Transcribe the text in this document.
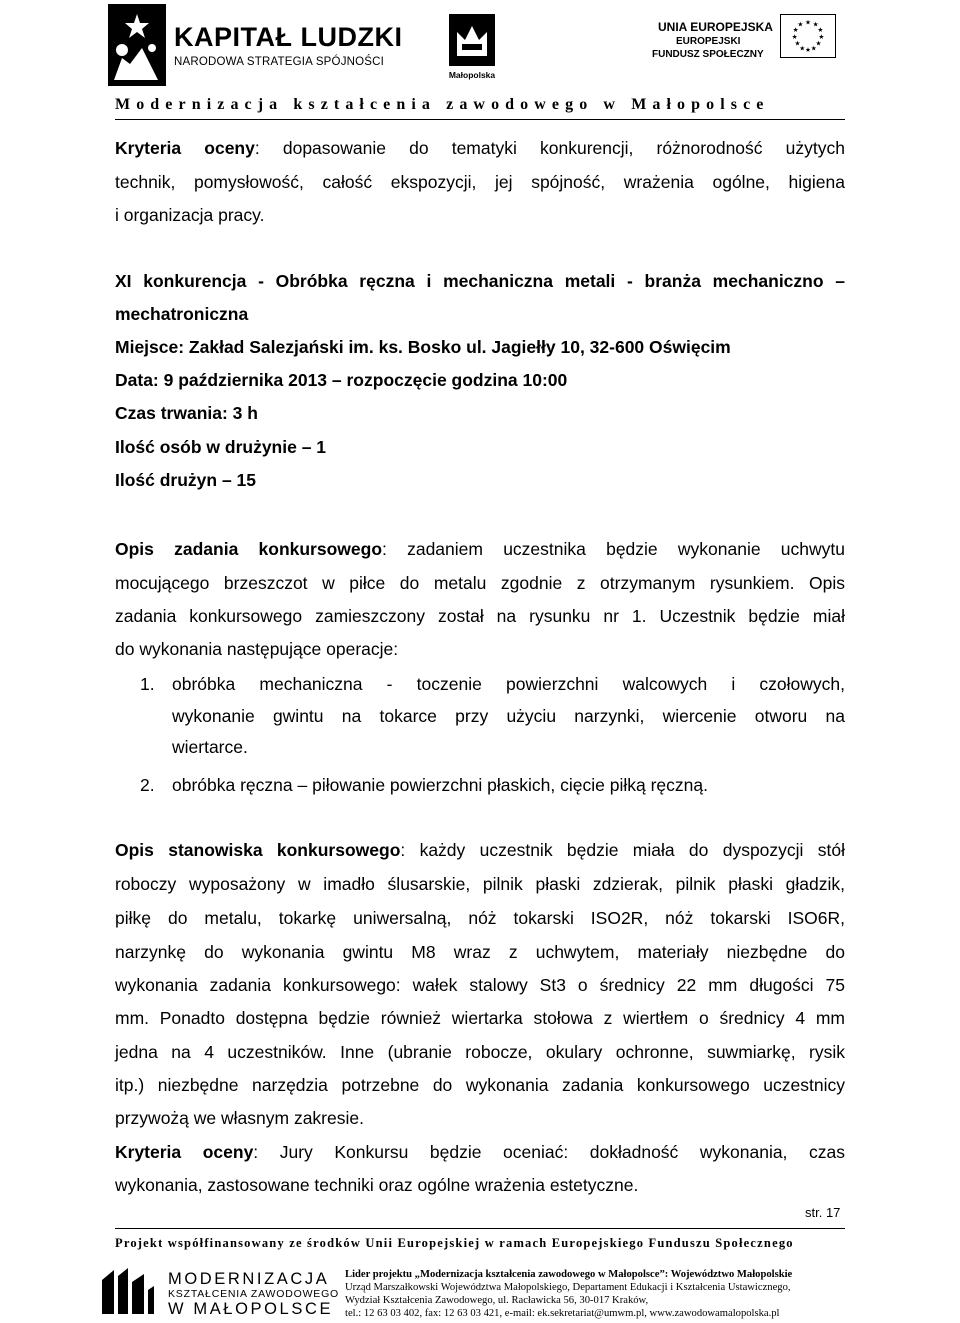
KAPITAŁ LUDZKI
NARODOWA STRATEGIA SPÓJNOŚCI
Małopolska
UNIA EUROPEJSKA
EUROPEJSKI
FUNDUSZ SPOŁECZNY
★ ★
★
★
★
★
★
★
★
★
★
★
Modernizacja kształcenia zawodowego w Małopolsce
Kryteria oceny: dopasowanie do tematyki konkurencji, różnorodność użytych
technik, pomysłowość, całość ekspozycji, jej spójność, wrażenia ogólne, higiena
i organizacja pracy.
XI konkurencja - Obróbka ręczna i mechaniczna metali - branża mechaniczno –
mechatroniczna
Miejsce: Zakład Salezjański im. ks. Bosko ul. Jagiełły 10, 32-600 Oświęcim
Data: 9 października 2013 – rozpoczęcie godzina 10:00
Czas trwania: 3 h
Ilość osób w drużynie – 1
Ilość drużyn – 15
Opis zadania konkursowego: zadaniem uczestnika będzie wykonanie uchwytu
mocującego brzeszczot w piłce do metalu zgodnie z otrzymanym rysunkiem. Opis
zadania konkursowego zamieszczony został na rysunku nr 1. Uczestnik będzie miał
do wykonania następujące operacje:
1. obróbka mechaniczna - toczenie powierzchni walcowych i czołowych,
wykonanie gwintu na tokarce przy użyciu narzynki, wiercenie otworu na
wiertarce.
2. obróbka ręczna – piłowanie powierzchni płaskich, cięcie piłką ręczną.
Opis stanowiska konkursowego: każdy uczestnik będzie miała do dyspozycji stół
roboczy wyposażony w imadło ślusarskie, pilnik płaski zdzierak, pilnik płaski gładzik,
piłkę do metalu, tokarkę uniwersalną, nóż tokarski ISO2R, nóż tokarski ISO6R,
narzynkę do wykonania gwintu M8 wraz z uchwytem, materiały niezbędne do
wykonania zadania konkursowego: wałek stalowy St3 o średnicy 22 mm długości 75
mm. Ponadto dostępna będzie również wiertarka stołowa z wiertłem o średnicy 4 mm
jedna na 4 uczestników. Inne (ubranie robocze, okulary ochronne, suwmiarkę, rysik
itp.) niezbędne narzędzia potrzebne do wykonania zadania konkursowego uczestnicy
przywożą we własnym zakresie.
Kryteria oceny: Jury Konkursu będzie oceniać: dokładność wykonania, czas
wykonania, zastosowane techniki oraz ogólne wrażenia estetyczne.
str. 17
Projekt współfinansowany ze środków Unii Europejskiej w ramach Europejskiego Funduszu Społecznego
MODERNIZACJA
KSZTAŁCENIA ZAWODOWEGO
W MAŁOPOLSCE
Lider projektu „Modernizacja kształcenia zawodowego w Małopolsce”: Województwo Małopolskie
Urząd Marszałkowski Województwa Małopolskiego, Departament Edukacji i Kształcenia Ustawicznego,
Wydział Kształcenia Zawodowego, ul. Racławicka 56, 30-017 Kraków,
tel.: 12 63 03 402, fax: 12 63 03 421, e-mail: ek.sekretariat@umwm.pl, www.zawodowamalopolska.pl
